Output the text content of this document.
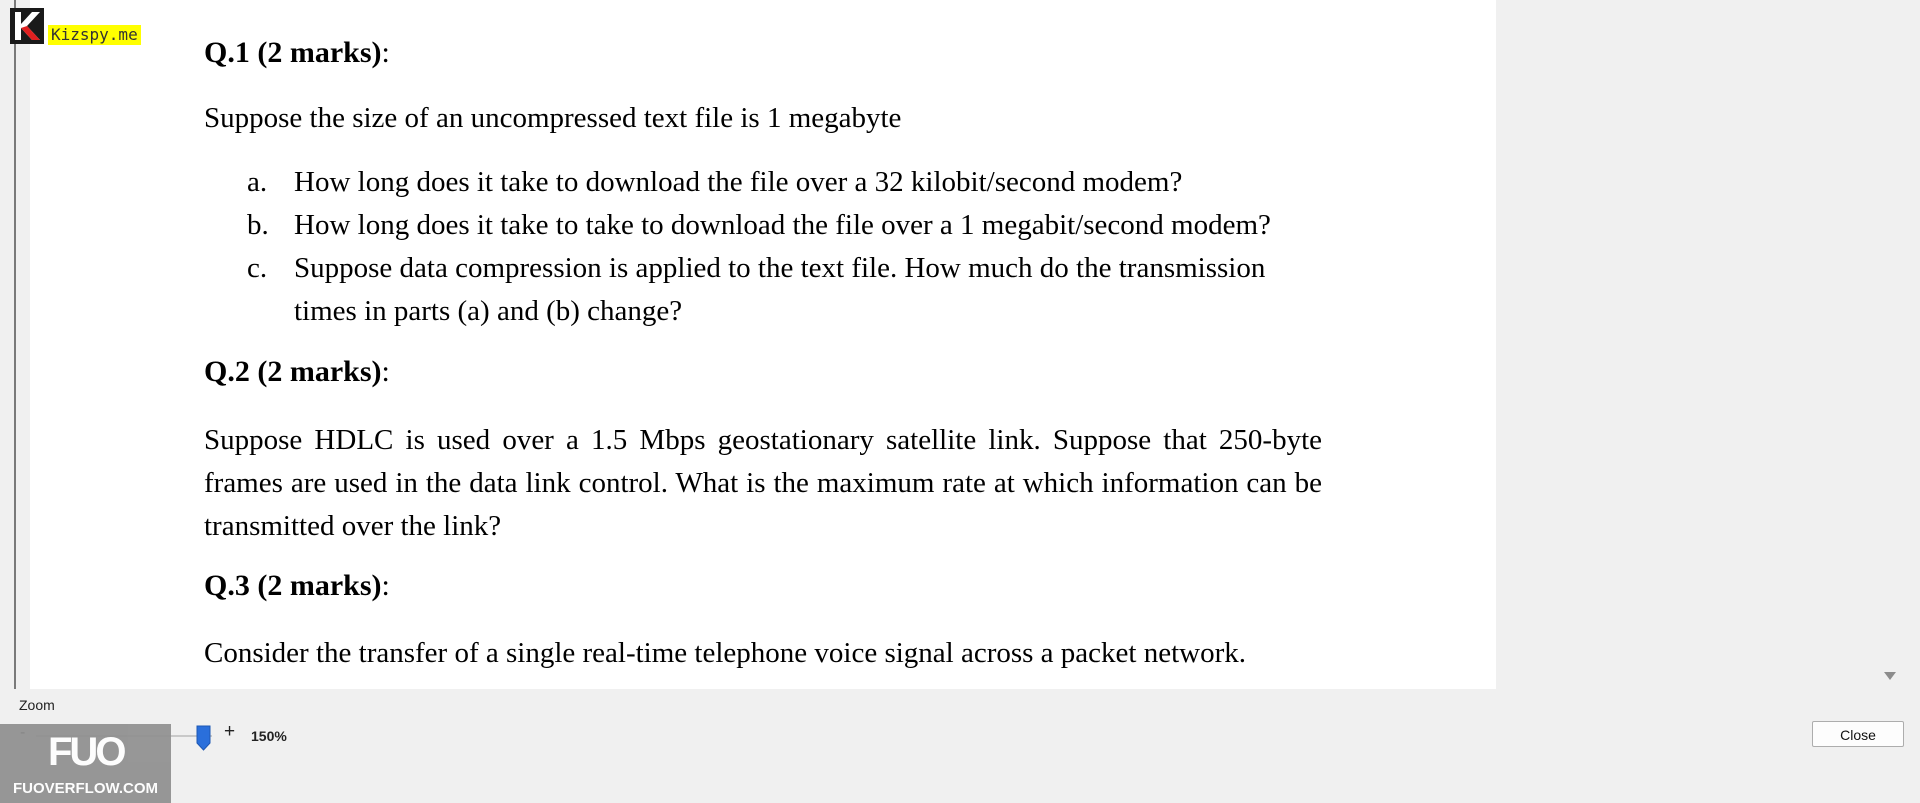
Q.1 (2 marks):
Suppose the size of an uncompressed text file is 1 megabyte
a. How long does it take to download the file over a 32 kilobit/second modem?
b. How long does it take to take to download the file over a 1 megabit/second modem?
c. Suppose data compression is applied to the text file. How much do the transmission times in parts (a) and (b) change?
Q.2 (2 marks):
Suppose HDLC is used over a 1.5 Mbps geostationary satellite link. Suppose that 250-byte frames are used in the data link control. What is the maximum rate at which information can be transmitted over the link?
Q.3 (2 marks):
Consider the transfer of a single real-time telephone voice signal across a packet network.
Kizspy.me
Zoom
+ 150%	Close
FUO
FUOVERFLOW.COM
